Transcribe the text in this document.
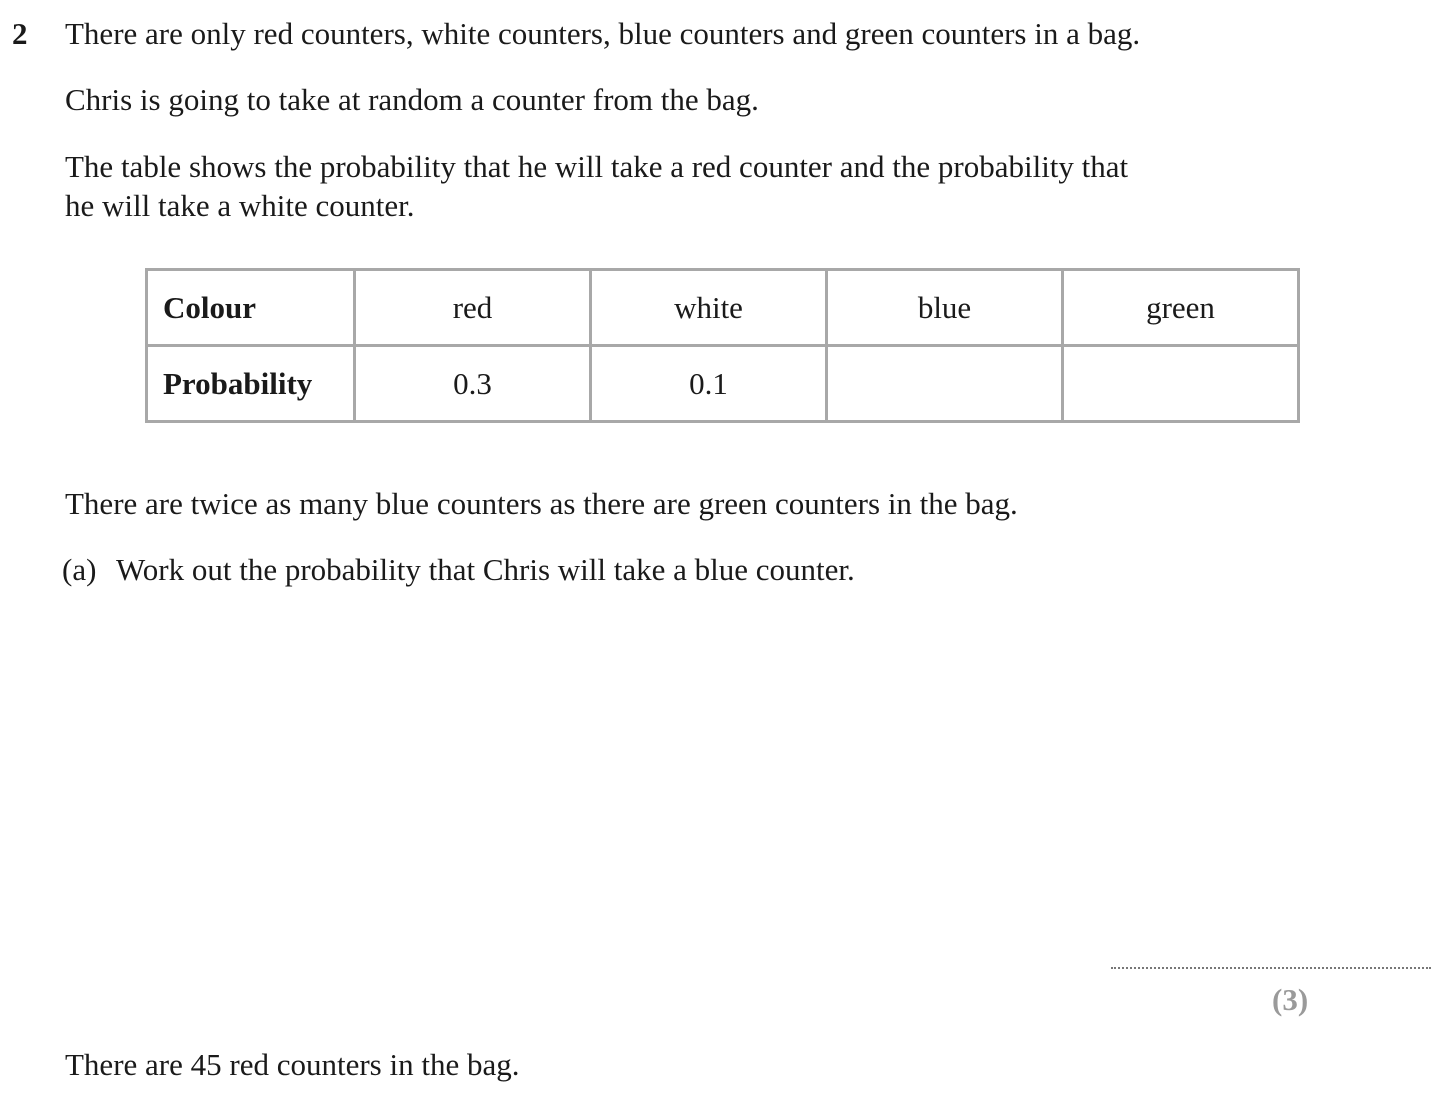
2 There are only red counters, white counters, blue counters and green counters in a bag.
Chris is going to take at random a counter from the bag.
The table shows the probability that he will take a red counter and the probability that
he will take a white counter.
Colour	red	white	blue	green
Probability	0.3	0.1		
There are twice as many blue counters as there are green counters in the bag.
(a) Work out the probability that Chris will take a blue counter.
(3)
There are 45 red counters in the bag.
